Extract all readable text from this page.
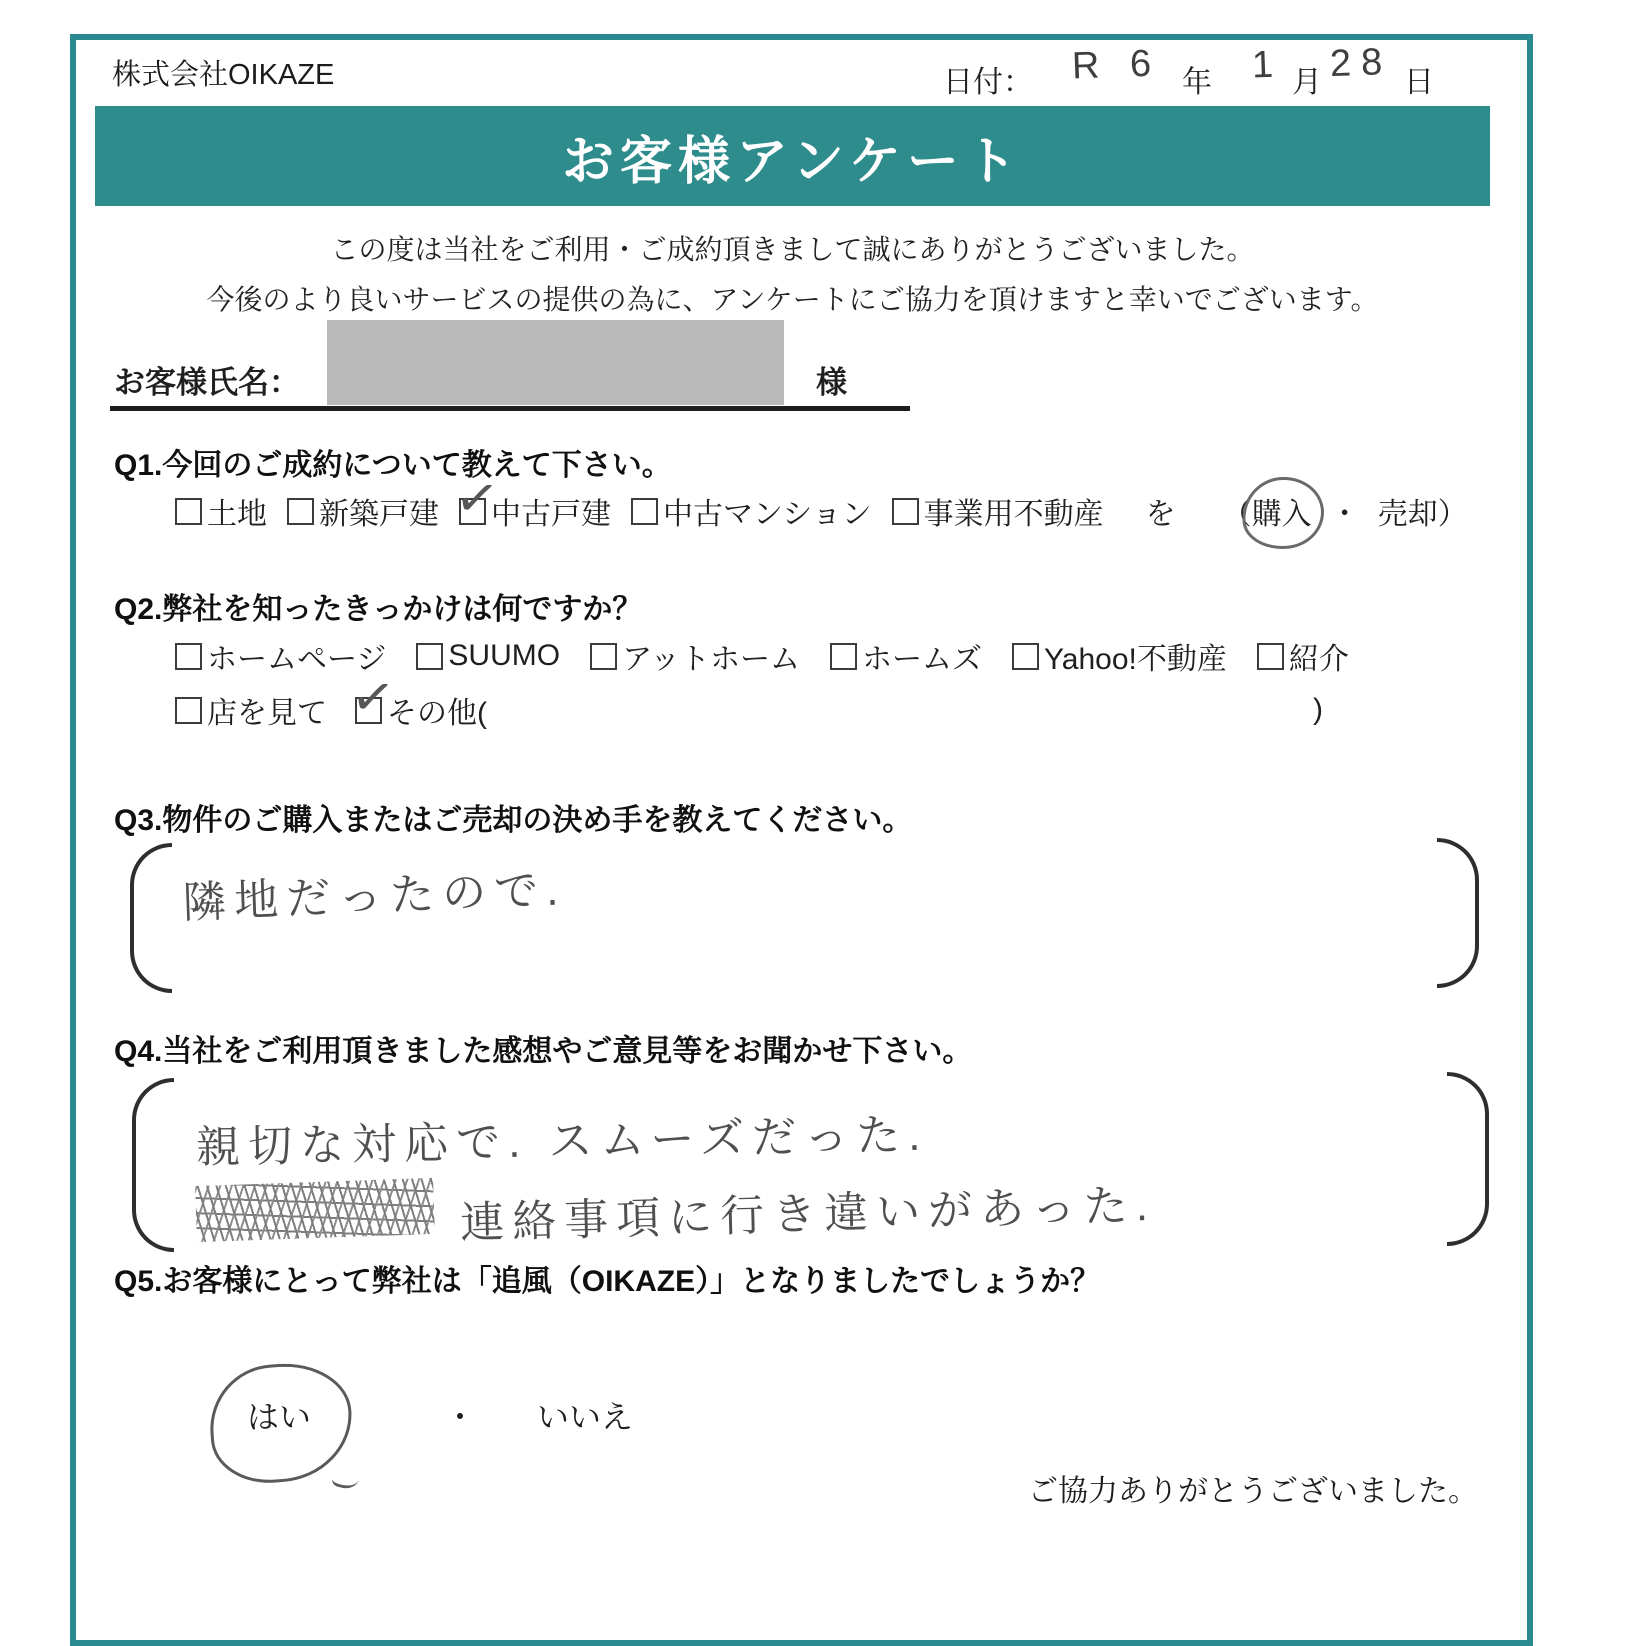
株式会社OIKAZE	日付： R 6 年 1 月 28 日
お客様アンケート
この度は当社をご利用・ご成約頂きまして誠にありがとうございました。
今後のより良いサービスの提供の為に、アンケートにご協力を頂けますと幸いでございます。
お客様氏名：	様
Q1.今回のご成約について教えて下さい。
土地 新築戸建 ✓
中古戸建 中古マンション 事業用不動産 を （ 購入 ・ 売却 ）
Q2.弊社を知ったきっかけは何ですか？
ホームページ SUUMO アットホーム ホームズ Yahoo!不動産 紹介
店を見て ✓
その他(	)
Q3.物件のご購入またはご売却の決め手を教えてください。
隣地だったので.
Q4.当社をご利用頂きました感想やご意見等をお聞かせ下さい。
親切な対応で. スムーズだった.
連絡事項に行き違いがあった.
Q5.お客様にとって弊社は「追風（OIKAZE）」となりましたでしょうか？
はい	・ いいえ
ご協力ありがとうございました。
